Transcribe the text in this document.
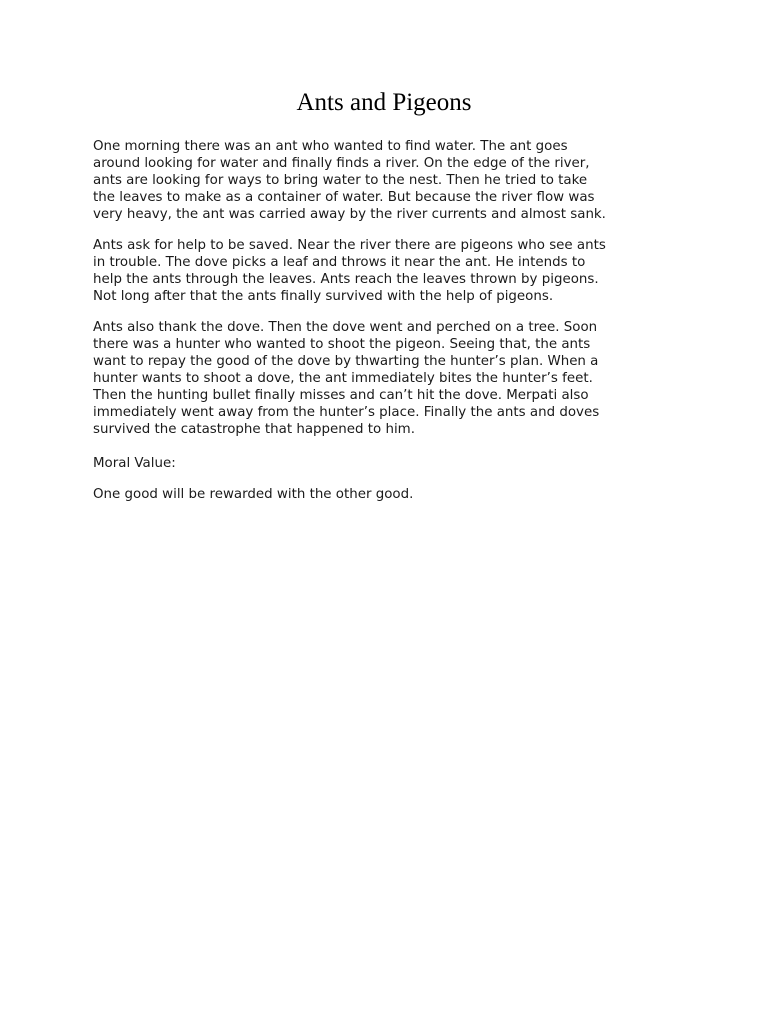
Ants and Pigeons

One morning there was an ant who wanted to find water. The ant goes
around looking for water and finally finds a river. On the edge of the river,
ants are looking for ways to bring water to the nest. Then he tried to take
the leaves to make as a container of water. But because the river flow was
very heavy, the ant was carried away by the river currents and almost sank.

Ants ask for help to be saved. Near the river there are pigeons who see ants
in trouble. The dove picks a leaf and throws it near the ant. He intends to
help the ants through the leaves. Ants reach the leaves thrown by pigeons.
Not long after that the ants finally survived with the help of pigeons.

Ants also thank the dove. Then the dove went and perched on a tree. Soon
there was a hunter who wanted to shoot the pigeon. Seeing that, the ants
want to repay the good of the dove by thwarting the hunter’s plan. When a
hunter wants to shoot a dove, the ant immediately bites the hunter’s feet.
Then the hunting bullet finally misses and can’t hit the dove. Merpati also
immediately went away from the hunter’s place. Finally the ants and doves
survived the catastrophe that happened to him.

Moral Value:

One good will be rewarded with the other good.
